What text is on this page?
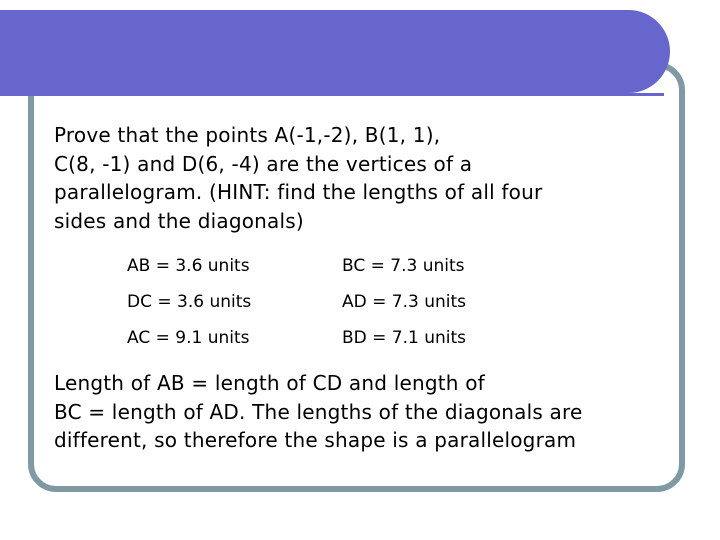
Prove that the points A(-1,-2), B(1, 1),
C(8, -1) and D(6, -4) are the vertices of a
parallelogram. (HINT: find the lengths of all four
sides and the diagonals)
AB = 3.6 units	BC = 7.3 units
DC = 3.6 units	AD = 7.3 units
AC = 9.1 units	BD = 7.1 units
Length of AB = length of CD and length of
BC = length of AD. The lengths of the diagonals are
different, so therefore the shape is a parallelogram
